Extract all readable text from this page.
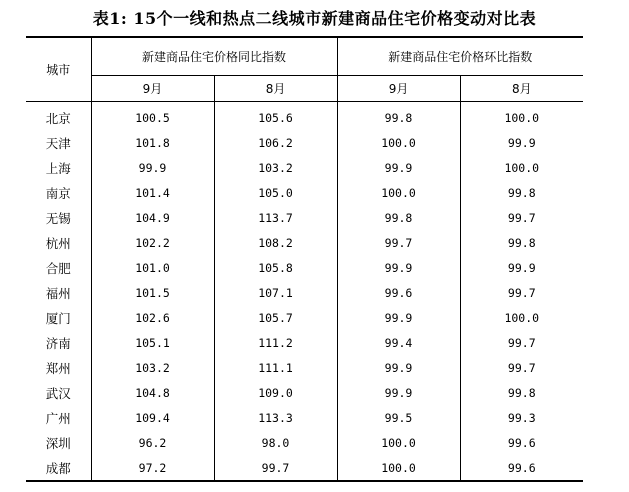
表1: 15个一线和热点二线城市新建商品住宅价格变动对比表
城市	新建商品住宅价格同比指数		新建商品住宅价格环比指数	
	9月	8月	9月	8月
北京	100.5	105.6	99.8	100.0
天津	101.8	106.2	100.0	99.9
上海	99.9	103.2	99.9	100.0
南京	101.4	105.0	100.0	99.8
无锡	104.9	113.7	99.8	99.7
杭州	102.2	108.2	99.7	99.8
合肥	101.0	105.8	99.9	99.9
福州	101.5	107.1	99.6	99.7
厦门	102.6	105.7	99.9	100.0
济南	105.1	111.2	99.4	99.7
郑州	103.2	111.1	99.9	99.7
武汉	104.8	109.0	99.9	99.8
广州	109.4	113.3	99.5	99.3
深圳	96.2	98.0	100.0	99.6
成都	97.2	99.7	100.0	99.6
